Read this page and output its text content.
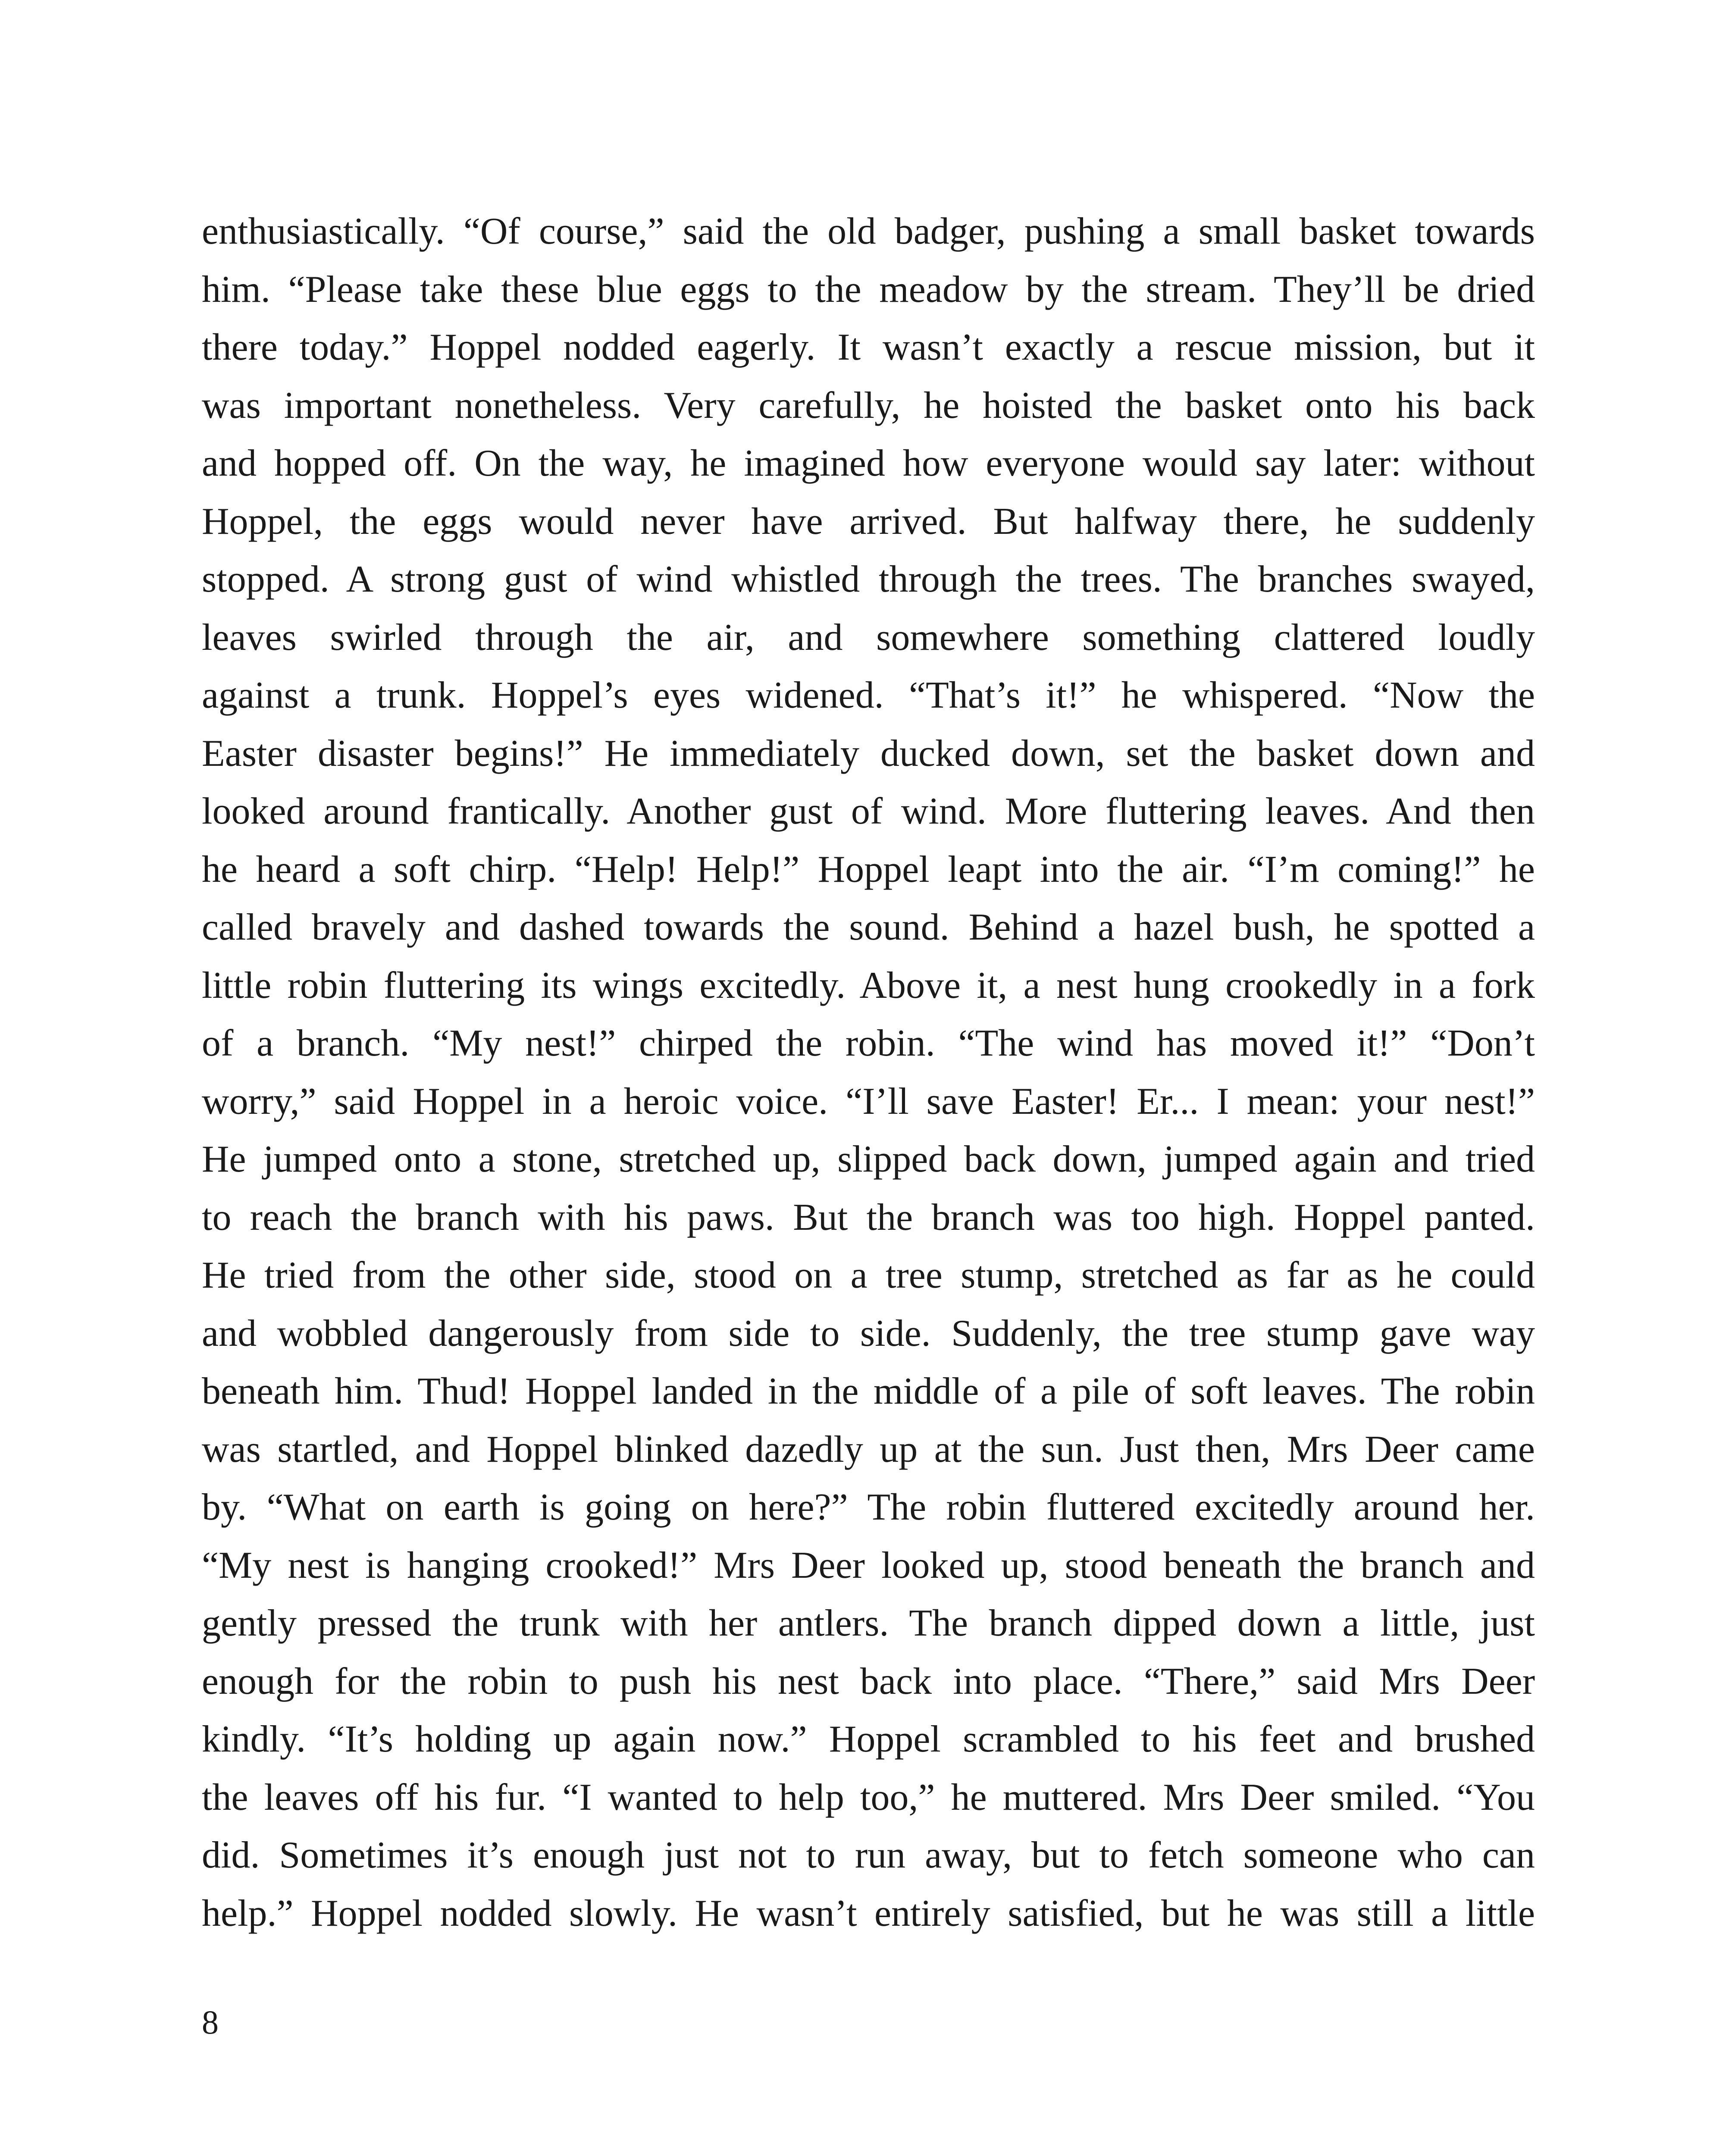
enthusiastically. “Of course,” said the old badger, pushing a small basket towards
him. “Please take these blue eggs to the meadow by the stream. They’ll be dried
there today.” Hoppel nodded eagerly. It wasn’t exactly a rescue mission, but it
was important nonetheless. Very carefully, he hoisted the basket onto his back
and hopped off. On the way, he imagined how everyone would say later: without
Hoppel, the eggs would never have arrived. But halfway there, he suddenly
stopped. A strong gust of wind whistled through the trees. The branches swayed,
leaves swirled through the air, and somewhere something clattered loudly
against a trunk. Hoppel’s eyes widened. “That’s it!” he whispered. “Now the
Easter disaster begins!” He immediately ducked down, set the basket down and
looked around frantically. Another gust of wind. More fluttering leaves. And then
he heard a soft chirp. “Help! Help!” Hoppel leapt into the air. “I’m coming!” he
called bravely and dashed towards the sound. Behind a hazel bush, he spotted a
little robin fluttering its wings excitedly. Above it, a nest hung crookedly in a fork
of a branch. “My nest!” chirped the robin. “The wind has moved it!” “Don’t
worry,” said Hoppel in a heroic voice. “I’ll save Easter! Er... I mean: your nest!”
He jumped onto a stone, stretched up, slipped back down, jumped again and tried
to reach the branch with his paws. But the branch was too high. Hoppel panted.
He tried from the other side, stood on a tree stump, stretched as far as he could
and wobbled dangerously from side to side. Suddenly, the tree stump gave way
beneath him. Thud! Hoppel landed in the middle of a pile of soft leaves. The robin
was startled, and Hoppel blinked dazedly up at the sun. Just then, Mrs Deer came
by. “What on earth is going on here?” The robin fluttered excitedly around her.
“My nest is hanging crooked!” Mrs Deer looked up, stood beneath the branch and
gently pressed the trunk with her antlers. The branch dipped down a little, just
enough for the robin to push his nest back into place. “There,” said Mrs Deer
kindly. “It’s holding up again now.” Hoppel scrambled to his feet and brushed
the leaves off his fur. “I wanted to help too,” he muttered. Mrs Deer smiled. “You
did. Sometimes it’s enough just not to run away, but to fetch someone who can
help.” Hoppel nodded slowly. He wasn’t entirely satisfied, but he was still a little
8
